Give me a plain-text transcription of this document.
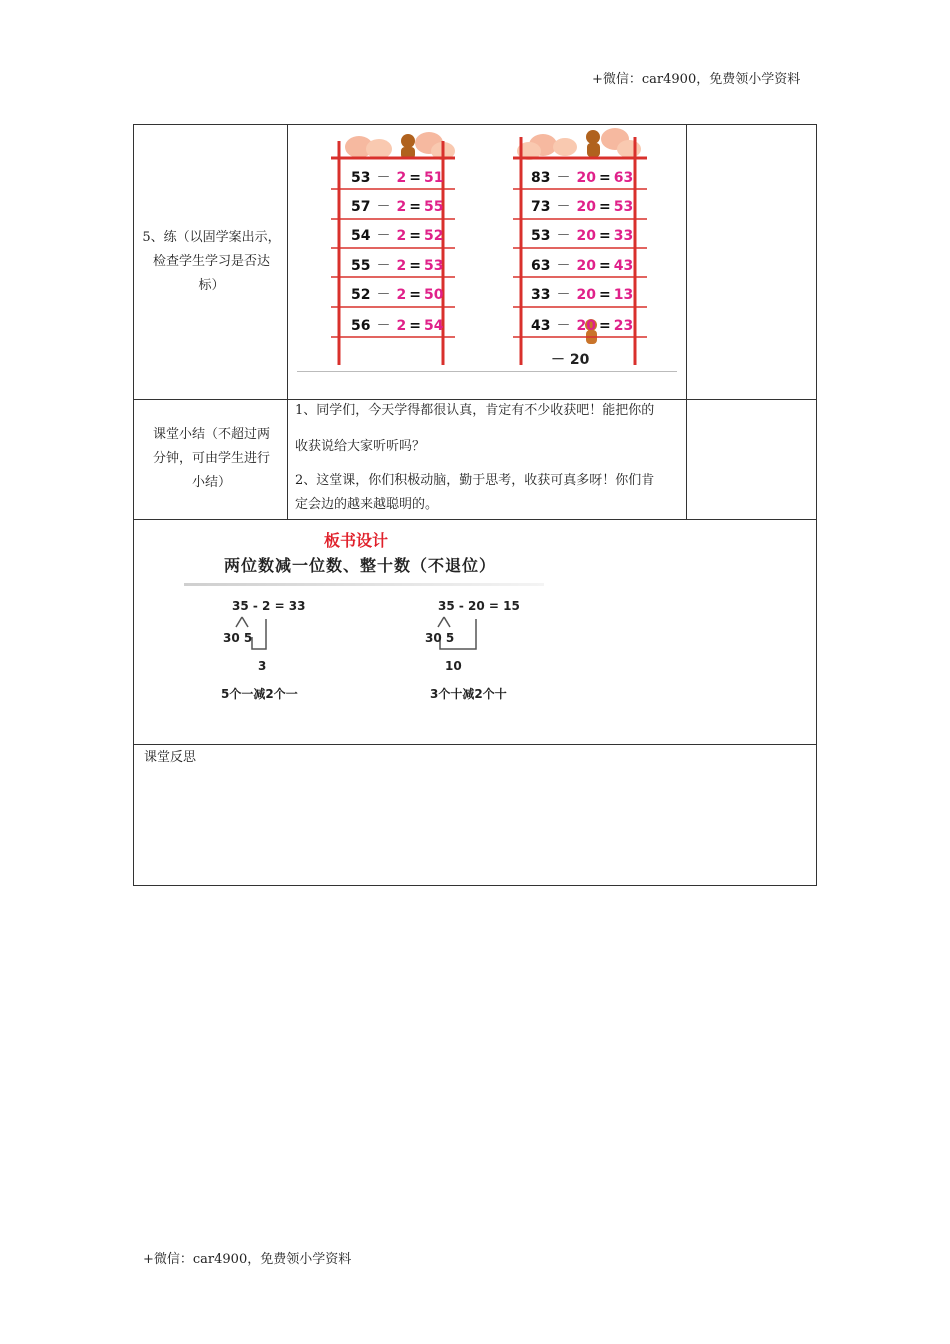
+微信：car4900，免费领小学资料
5、练（以固学案出示，
检查学生学习是否达
标）
53 － 2 = 51
57 － 2 = 55
54 － 2 = 52
55 － 2 = 53
52 － 2 = 50
56 － 2 = 54
83 － 20 = 63
73 － 20 = 53
53 － 20 = 33
63 － 20 = 43
33 － 20 = 13
43 － 20 = 23
－ 20
课堂小结（不超过两
分钟，可由学生进行
小结）

1、同学们，今天学得都很认真，肯定有不少收获吧！能把你的

收获说给大家听听吗？

2、这堂课，你们积极动脑，勤于思考，收获可真多呀！你们肯

定会边的越来越聪明的。

板书设计
两位数减一位数、整十数（不退位）
35 - 2 = 33
30 5
3
5个一减2个一
35 - 20 = 15
30 5
10
3个十减2个十
课堂反思
+微信：car4900，免费领小学资料
